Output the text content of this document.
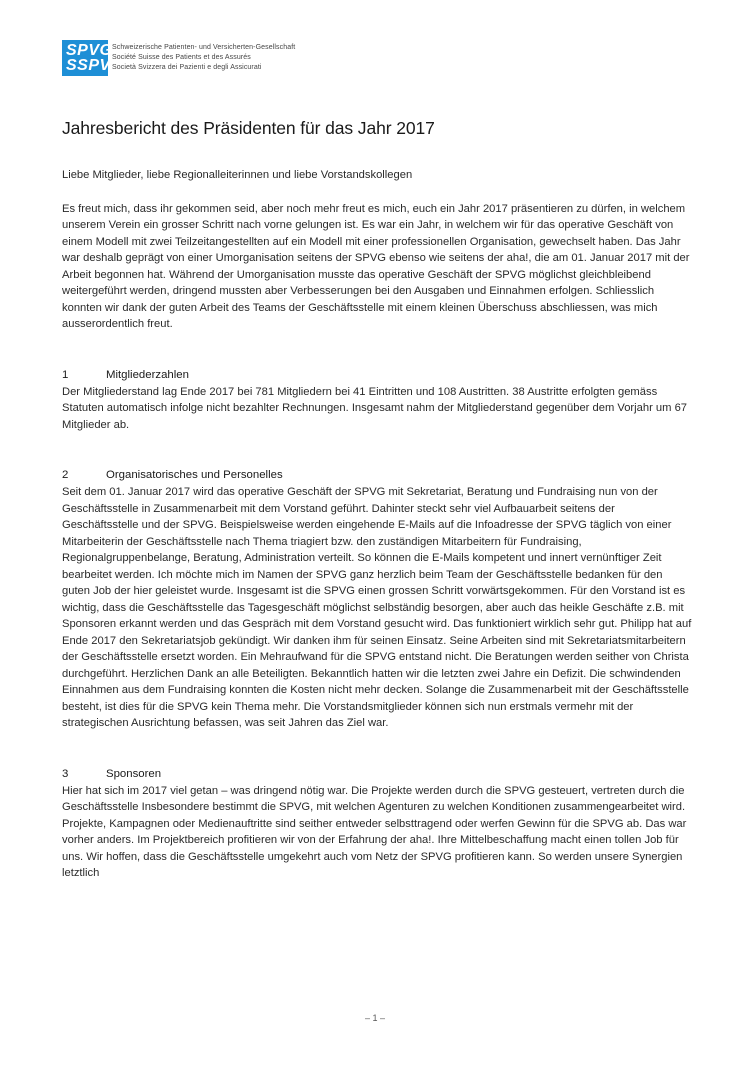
SPVG
SSPV
Schweizerische Patienten- und Versicherten-Gesellschaft
Société Suisse des Patients et des Assurés
Società Svizzera dei Pazienti e degli Assicurati
Jahresbericht des Präsidenten für das Jahr 2017

Liebe Mitglieder, liebe Regionalleiterinnen und liebe Vorstandskollegen

Es freut mich, dass ihr gekommen seid, aber noch mehr freut es mich, euch ein Jahr 2017 präsentieren zu dürfen, in welchem unserem Verein ein grosser Schritt nach vorne gelungen ist. Es war ein Jahr, in welchem wir für das operative Geschäft von einem Modell mit zwei Teilzeitangestellten auf ein Modell mit einer professionellen Organisation, gewechselt haben. Das Jahr war deshalb geprägt von einer Umorganisation seitens der SPVG ebenso wie seitens der aha!, die am 01. Januar 2017 mit der Arbeit begonnen hat. Während der Umorganisation musste das operative Geschäft der SPVG möglichst gleichbleibend weitergeführt werden, dringend mussten aber Verbesserungen bei den Ausgaben und Einnahmen erfolgen. Schliesslich konnten wir dank der guten Arbeit des Teams der Geschäftsstelle mit einem kleinen Überschuss abschliessen, was mich ausserordentlich freut.

1	Mitgliederzahlen

Der Mitgliederstand lag Ende 2017 bei 781 Mitgliedern bei 41 Eintritten und 108 Austritten. 38 Austritte erfolgten gemäss Statuten automatisch infolge nicht bezahlter Rechnungen. Insgesamt nahm der Mitgliederstand gegenüber dem Vorjahr um 67 Mitglieder ab.

2	Organisatorisches und Personelles

Seit dem 01. Januar 2017 wird das operative Geschäft der SPVG mit Sekretariat, Beratung und Fundraising nun von der Geschäftsstelle in Zusammenarbeit mit dem Vorstand geführt. Dahinter steckt sehr viel Aufbauarbeit seitens der Geschäftsstelle und der SPVG. Beispielsweise werden eingehende E-Mails auf die Infoadresse der SPVG täglich von einer Mitarbeiterin der Geschäftsstelle nach Thema triagiert bzw. den zuständigen Mitarbeitern für Fundraising, Regionalgruppenbelange, Beratung, Administration verteilt. So können die E-Mails kompetent und innert vernünftiger Zeit bearbeitet werden. Ich möchte mich im Namen der SPVG ganz herzlich beim Team der Geschäftsstelle bedanken für den guten Job der hier geleistet wurde. Insgesamt ist die SPVG einen grossen Schritt vorwärtsgekommen. Für den Vorstand ist es wichtig, dass die Geschäftsstelle das Tagesgeschäft möglichst selbständig besorgen, aber auch das heikle Geschäfte z.B. mit Sponsoren erkannt werden und das Gespräch mit dem Vorstand gesucht wird. Das funktioniert wirklich sehr gut. Philipp hat auf Ende 2017 den Sekretariatsjob gekündigt. Wir danken ihm für seinen Einsatz. Seine Arbeiten sind mit Sekretariatsmitarbeitern der Geschäftsstelle ersetzt worden. Ein Mehraufwand für die SPVG entstand nicht. Die Beratungen werden seither von Christa durchgeführt. Herzlichen Dank an alle Beteiligten. Bekanntlich hatten wir die letzten zwei Jahre ein Defizit. Die schwindenden Einnahmen aus dem Fundraising konnten die Kosten nicht mehr decken. Solange die Zusammenarbeit mit der Geschäftsstelle besteht, ist dies für die SPVG kein Thema mehr. Die Vorstandsmitglieder können sich nun erstmals vermehr mit der strategischen Ausrichtung befassen, was seit Jahren das Ziel war.

3	Sponsoren

Hier hat sich im 2017 viel getan – was dringend nötig war. Die Projekte werden durch die SPVG gesteuert, vertreten durch die Geschäftsstelle Insbesondere bestimmt die SPVG, mit welchen Agenturen zu welchen Konditionen zusammengearbeitet wird. Projekte, Kampagnen oder Medienauftritte sind seither entweder selbsttragend oder werfen Gewinn für die SPVG ab. Das war vorher anders. Im Projektbereich profitieren wir von der Erfahrung der aha!. Ihre Mittelbeschaffung macht einen tollen Job für uns. Wir hoffen, dass die Geschäftsstelle umgekehrt auch vom Netz der SPVG profitieren kann. So werden unsere Synergien letztlich

– 1 –
